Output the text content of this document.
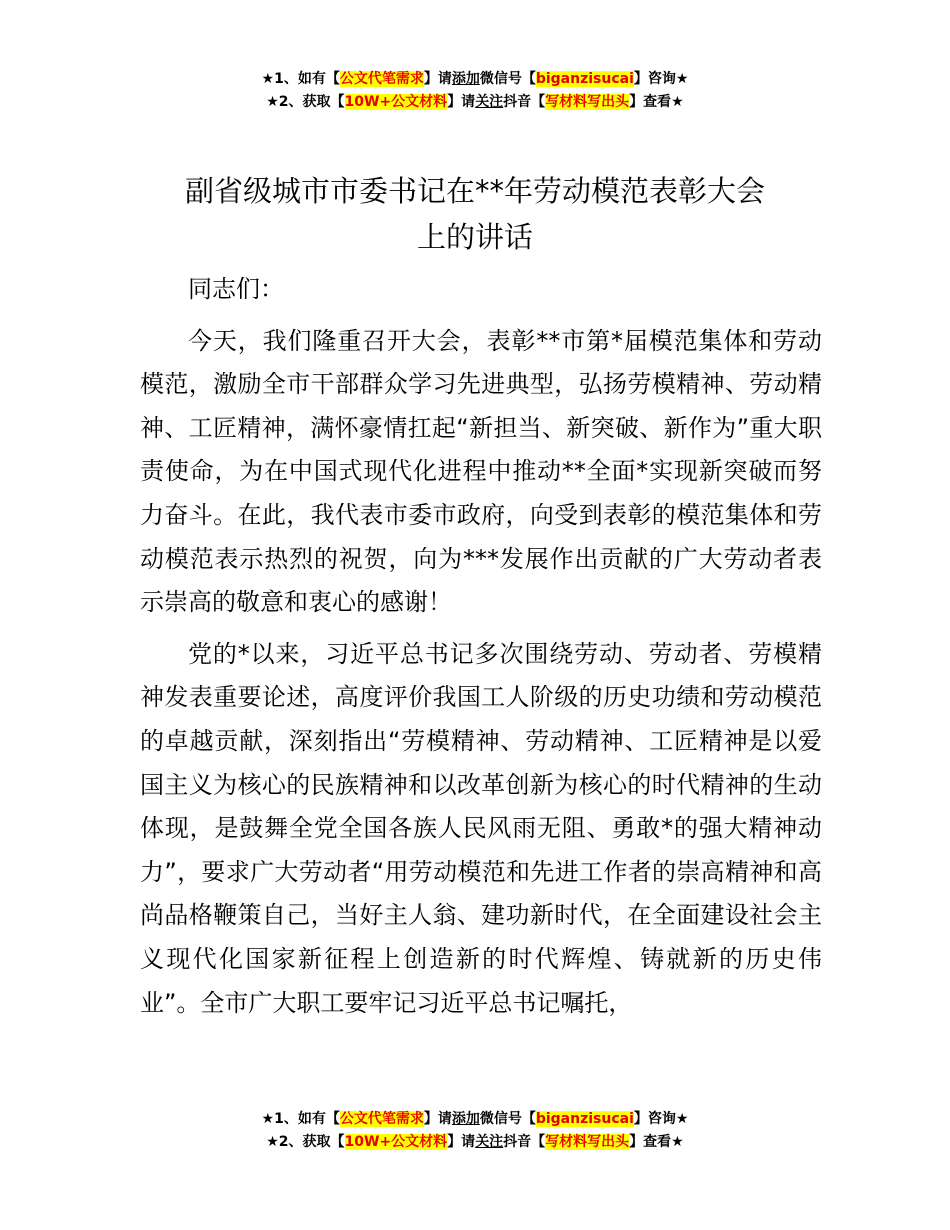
★1、如有【公文代笔需求】请添加微信号【biganzisucai】咨询★
★2、获取【10W+公文材料】请关注抖音【写材料写出头】查看★
副省级城市市委书记在**年劳动模范表彰大会
上的讲话

同志们：

今天，我们隆重召开大会，表彰**市第*届模范集体和劳动模范，激励全市干部群众学习先进典型，弘扬劳模精神、劳动精神、工匠精神，满怀豪情扛起“新担当、新突破、新作为”重大职责使命，为在中国式现代化进程中推动**全面*实现新突破而努力奋斗。在此，我代表市委市政府，向受到表彰的模范集体和劳动模范表示热烈的祝贺，向为***发展作出贡献的广大劳动者表示崇高的敬意和衷心的感谢！

党的*以来，习近平总书记多次围绕劳动、劳动者、劳模精神发表重要论述，高度评价我国工人阶级的历史功绩和劳动模范的卓越贡献，深刻指出“劳模精神、劳动精神、工匠精神是以爱国主义为核心的民族精神和以改革创新为核心的时代精神的生动体现，是鼓舞全党全国各族人民风雨无阻、勇敢*的强大精神动力”，要求广大劳动者“用劳动模范和先进工作者的崇高精神和高尚品格鞭策自己，当好主人翁、建功新时代，在全面建设社会主义现代化国家新征程上创造新的时代辉煌、铸就新的历史伟业”。全市广大职工要牢记习近平总书记嘱托，

★1、如有【公文代笔需求】请添加微信号【biganzisucai】咨询★
★2、获取【10W+公文材料】请关注抖音【写材料写出头】查看★
